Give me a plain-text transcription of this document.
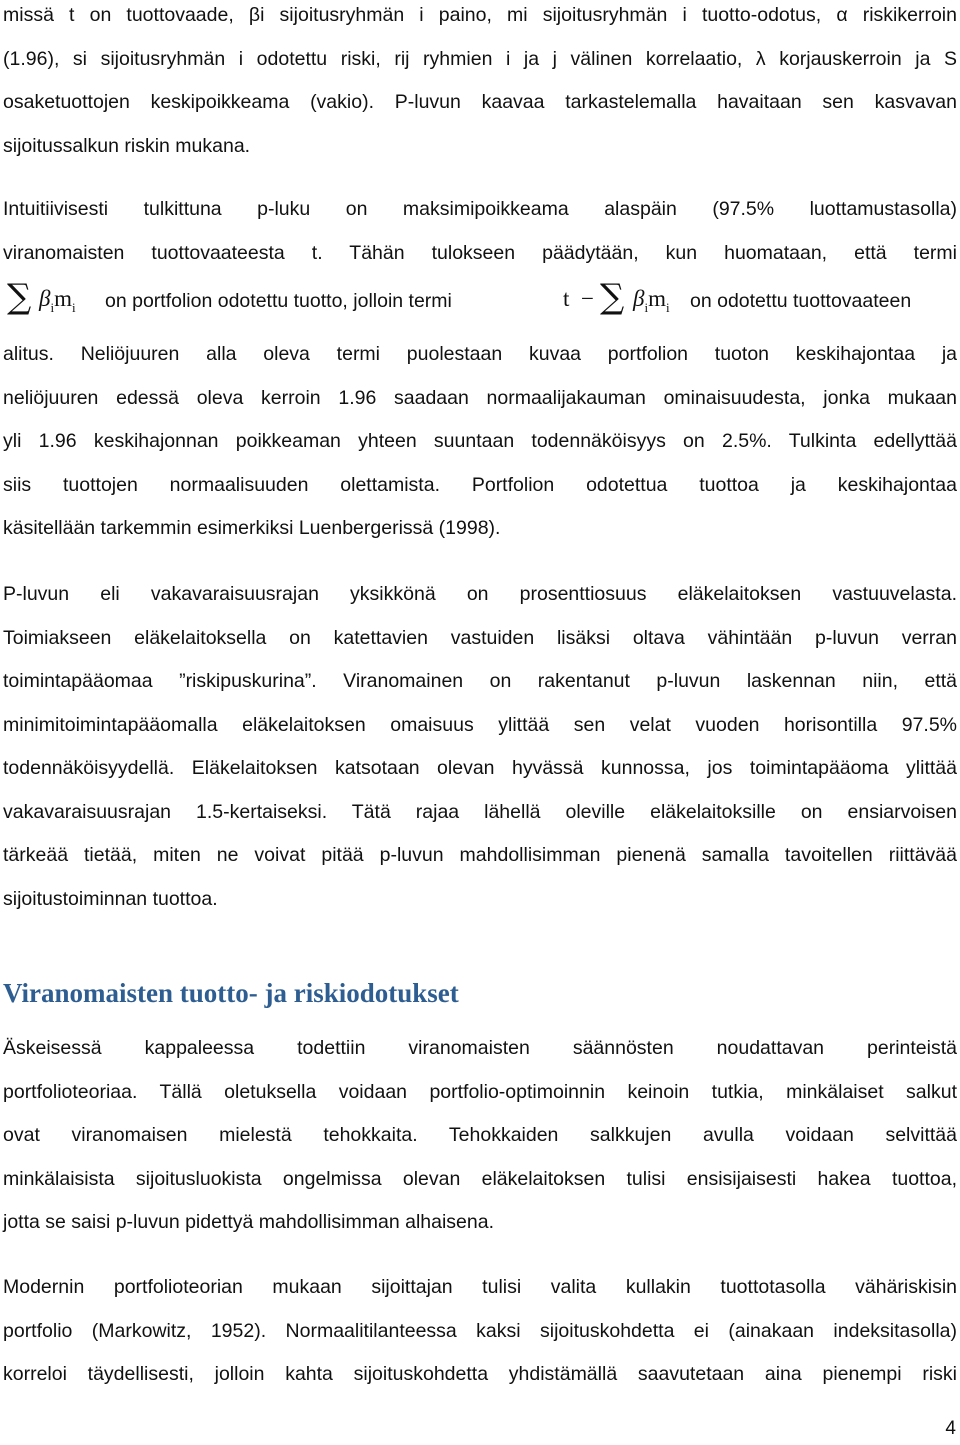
missä t on tuottovaade, βi sijoitusryhmän i paino, mi sijoitusryhmän i tuotto-odotus, α riskikerroin
(1.96), si sijoitusryhmän i odotettu riski, rij ryhmien i ja j välinen korrelaatio, λ korjauskerroin ja S
osaketuottojen keskipoikkeama (vakio). P-luvun kaavaa tarkastelemalla havaitaan sen kasvavan
sijoitussalkun riskin mukana.
Intuitiivisesti tulkittuna p-luku on maksimipoikkeama alaspäin (97.5% luottamustasolla)
viranomaisten tuottovaateesta t. Tähän tulokseen päädytään, kun huomataan, että termi
∑ $\beta_im_i$ on portfolion odotettu tuotto, jolloin termi	t − ∑ $\beta_im_i$ on odotettu tuottovaateen
alitus. Neliöjuuren alla oleva termi puolestaan kuvaa portfolion tuoton keskihajontaa ja
neliöjuuren edessä oleva kerroin 1.96 saadaan normaalijakauman ominaisuudesta, jonka mukaan
yli 1.96 keskihajonnan poikkeaman yhteen suuntaan todennäköisyys on 2.5%. Tulkinta edellyttää
siis tuottojen normaalisuuden olettamista. Portfolion odotettua tuottoa ja keskihajontaa
käsitellään tarkemmin esimerkiksi Luenbergerissä (1998).
P-luvun eli vakavaraisuusrajan yksikkönä on prosenttiosuus eläkelaitoksen vastuuvelasta.
Toimiakseen eläkelaitoksella on katettavien vastuiden lisäksi oltava vähintään p-luvun verran
toimintapääomaa ”riskipuskurina”. Viranomainen on rakentanut p-luvun laskennan niin, että
minimitoimintapääomalla eläkelaitoksen omaisuus ylittää sen velat vuoden horisontilla 97.5%
todennäköisyydellä. Eläkelaitoksen katsotaan olevan hyvässä kunnossa, jos toimintapääoma ylittää
vakavaraisuusrajan 1.5-kertaiseksi. Tätä rajaa lähellä oleville eläkelaitoksille on ensiarvoisen
tärkeää tietää, miten ne voivat pitää p-luvun mahdollisimman pienenä samalla tavoitellen riittävää
sijoitustoiminnan tuottoa.
Viranomaisten tuotto- ja riskiodotukset
Äskeisessä kappaleessa todettiin viranomaisten säännösten noudattavan perinteistä
portfolioteoriaa. Tällä oletuksella voidaan portfolio-optimoinnin keinoin tutkia, minkälaiset salkut
ovat viranomaisen mielestä tehokkaita. Tehokkaiden salkkujen avulla voidaan selvittää
minkälaisista sijoitusluokista ongelmissa olevan eläkelaitoksen tulisi ensisijaisesti hakea tuottoa,
jotta se saisi p-luvun pidettyä mahdollisimman alhaisena.
Modernin portfolioteorian mukaan sijoittajan tulisi valita kullakin tuottotasolla vähäriskisin
portfolio (Markowitz, 1952). Normaalitilanteessa kaksi sijoituskohdetta ei (ainakaan indeksitasolla)
korreloi täydellisesti, jolloin kahta sijoituskohdetta yhdistämällä saavutetaan aina pienempi riski
4
